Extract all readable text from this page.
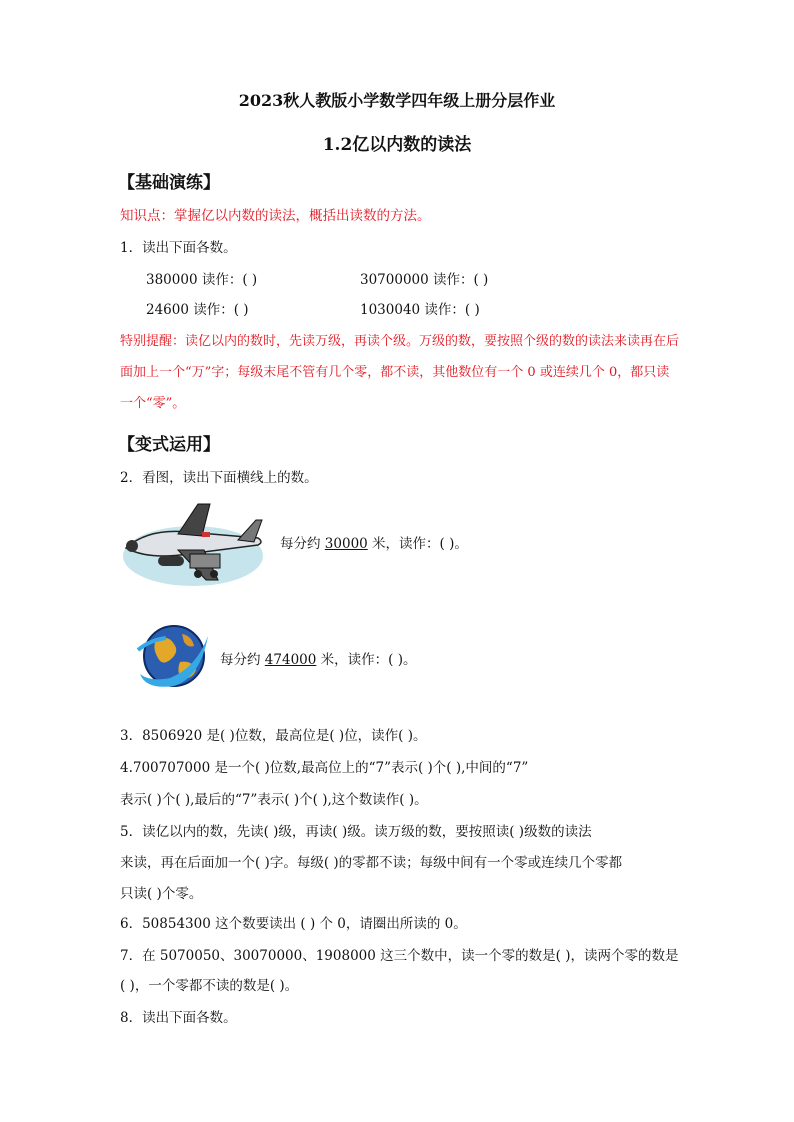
2023秋人教版小学数学四年级上册分层作业
1.2亿以内数的读法
【基础演练】
知识点：掌握亿以内数的读法，概括出读数的方法。
1．读出下面各数。
380000 读作：( )	30700000 读作：( )
24600 读作：( )	1030040 读作：( )
特别提醒：读亿以内的数时，先读万级，再读个级。万级的数，要按照个级的数的读法来读再在后
面加上一个“万”字；每级末尾不管有几个零，都不读，其他数位有一个 0 或连续几个 0，都只读
一个“零”。
【变式运用】
2．看图，读出下面横线上的数。
每分约 30000 米，读作：( )。
每分约 474000 米，读作：( )。
3．8506920 是( )位数，最高位是( )位，读作( )。
4.700707000 是一个( )位数,最高位上的“7”表示( )个( ),中间的“7”
表示( )个( ),最后的“7”表示( )个( ),这个数读作( )。
5．读亿以内的数，先读( )级，再读( )级。读万级的数，要按照读( )级数的读法
来读，再在后面加一个( )字。每级( )的零都不读；每级中间有一个零或连续几个零都
只读( )个零。
6．50854300 这个数要读出 ( ) 个 0，请圈出所读的 0。
7．在 5070050、30070000、1908000 这三个数中，读一个零的数是( )，读两个零的数是
( )，一个零都不读的数是( )。
8．读出下面各数。
